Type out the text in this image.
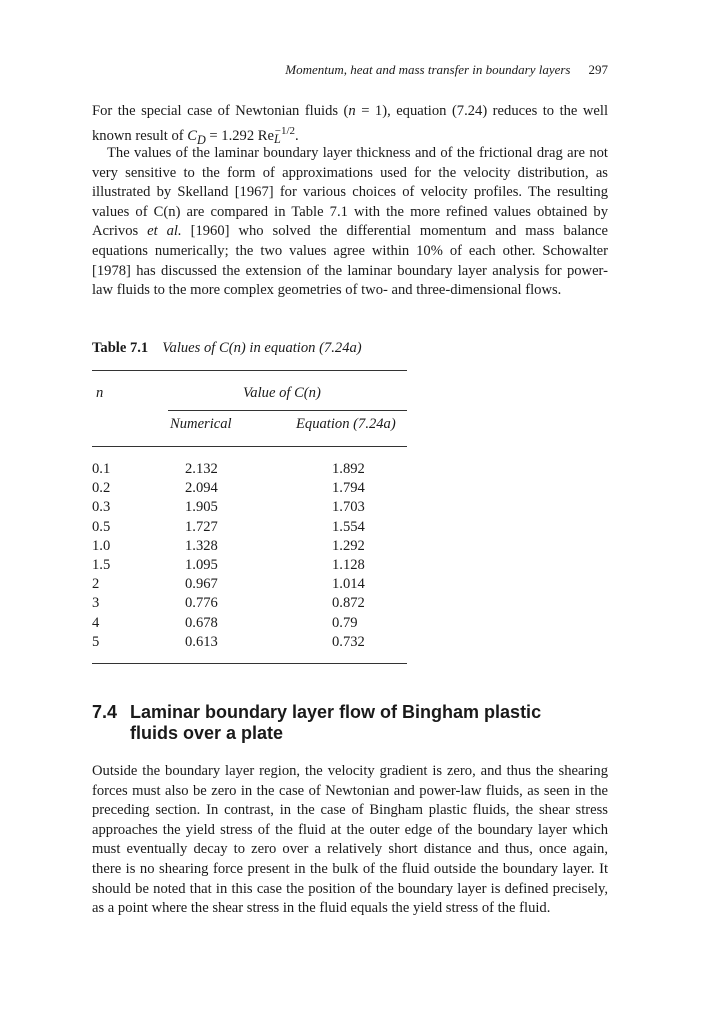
Momentum, heat and mass transfer in boundary layers 297

For the special case of Newtonian fluids (n = 1), equation (7.24) reduces to the well known result of $C_D = 1.292$ $Re_L^{-1/2}$.

The values of the laminar boundary layer thickness and of the frictional drag are not very sensitive to the form of approximations used for the velocity distribution, as illustrated by Skelland [1967] for various choices of velocity profiles. The resulting values of C(n) are compared in Table 7.1 with the more refined values obtained by Acrivos et al. [1960] who solved the differential momentum and mass balance equations numerically; the two values agree within 10% of each other. Schowalter [1978] has discussed the extension of the laminar boundary layer analysis for power-law fluids to the more complex geometries of two- and three-dimensional flows.

Table 7.1 Values of C(n) in equation (7.24a)
n	Value of C(n)
Numerical	Equation (7.24a)
0.1	2.132	1.892
0.2	2.094	1.794
0.3	1.905	1.703
0.5	1.727	1.554
1.0	1.328	1.292
1.5	1.095	1.128
2	0.967	1.014
3	0.776	0.872
4	0.678	0.79
5	0.613	0.732
7.4 Laminar boundary layer flow of Bingham plastic
fluids over a plate

Outside the boundary layer region, the velocity gradient is zero, and thus the shearing forces must also be zero in the case of Newtonian and power-law fluids, as seen in the preceding section. In contrast, in the case of Bingham plastic fluids, the shear stress approaches the yield stress of the fluid at the outer edge of the boundary layer which must eventually decay to zero over a relatively short distance and thus, once again, there is no shearing force present in the bulk of the fluid outside the boundary layer. It should be noted that in this case the position of the boundary layer is defined precisely, as a point where the shear stress in the fluid equals the yield stress of the fluid.
